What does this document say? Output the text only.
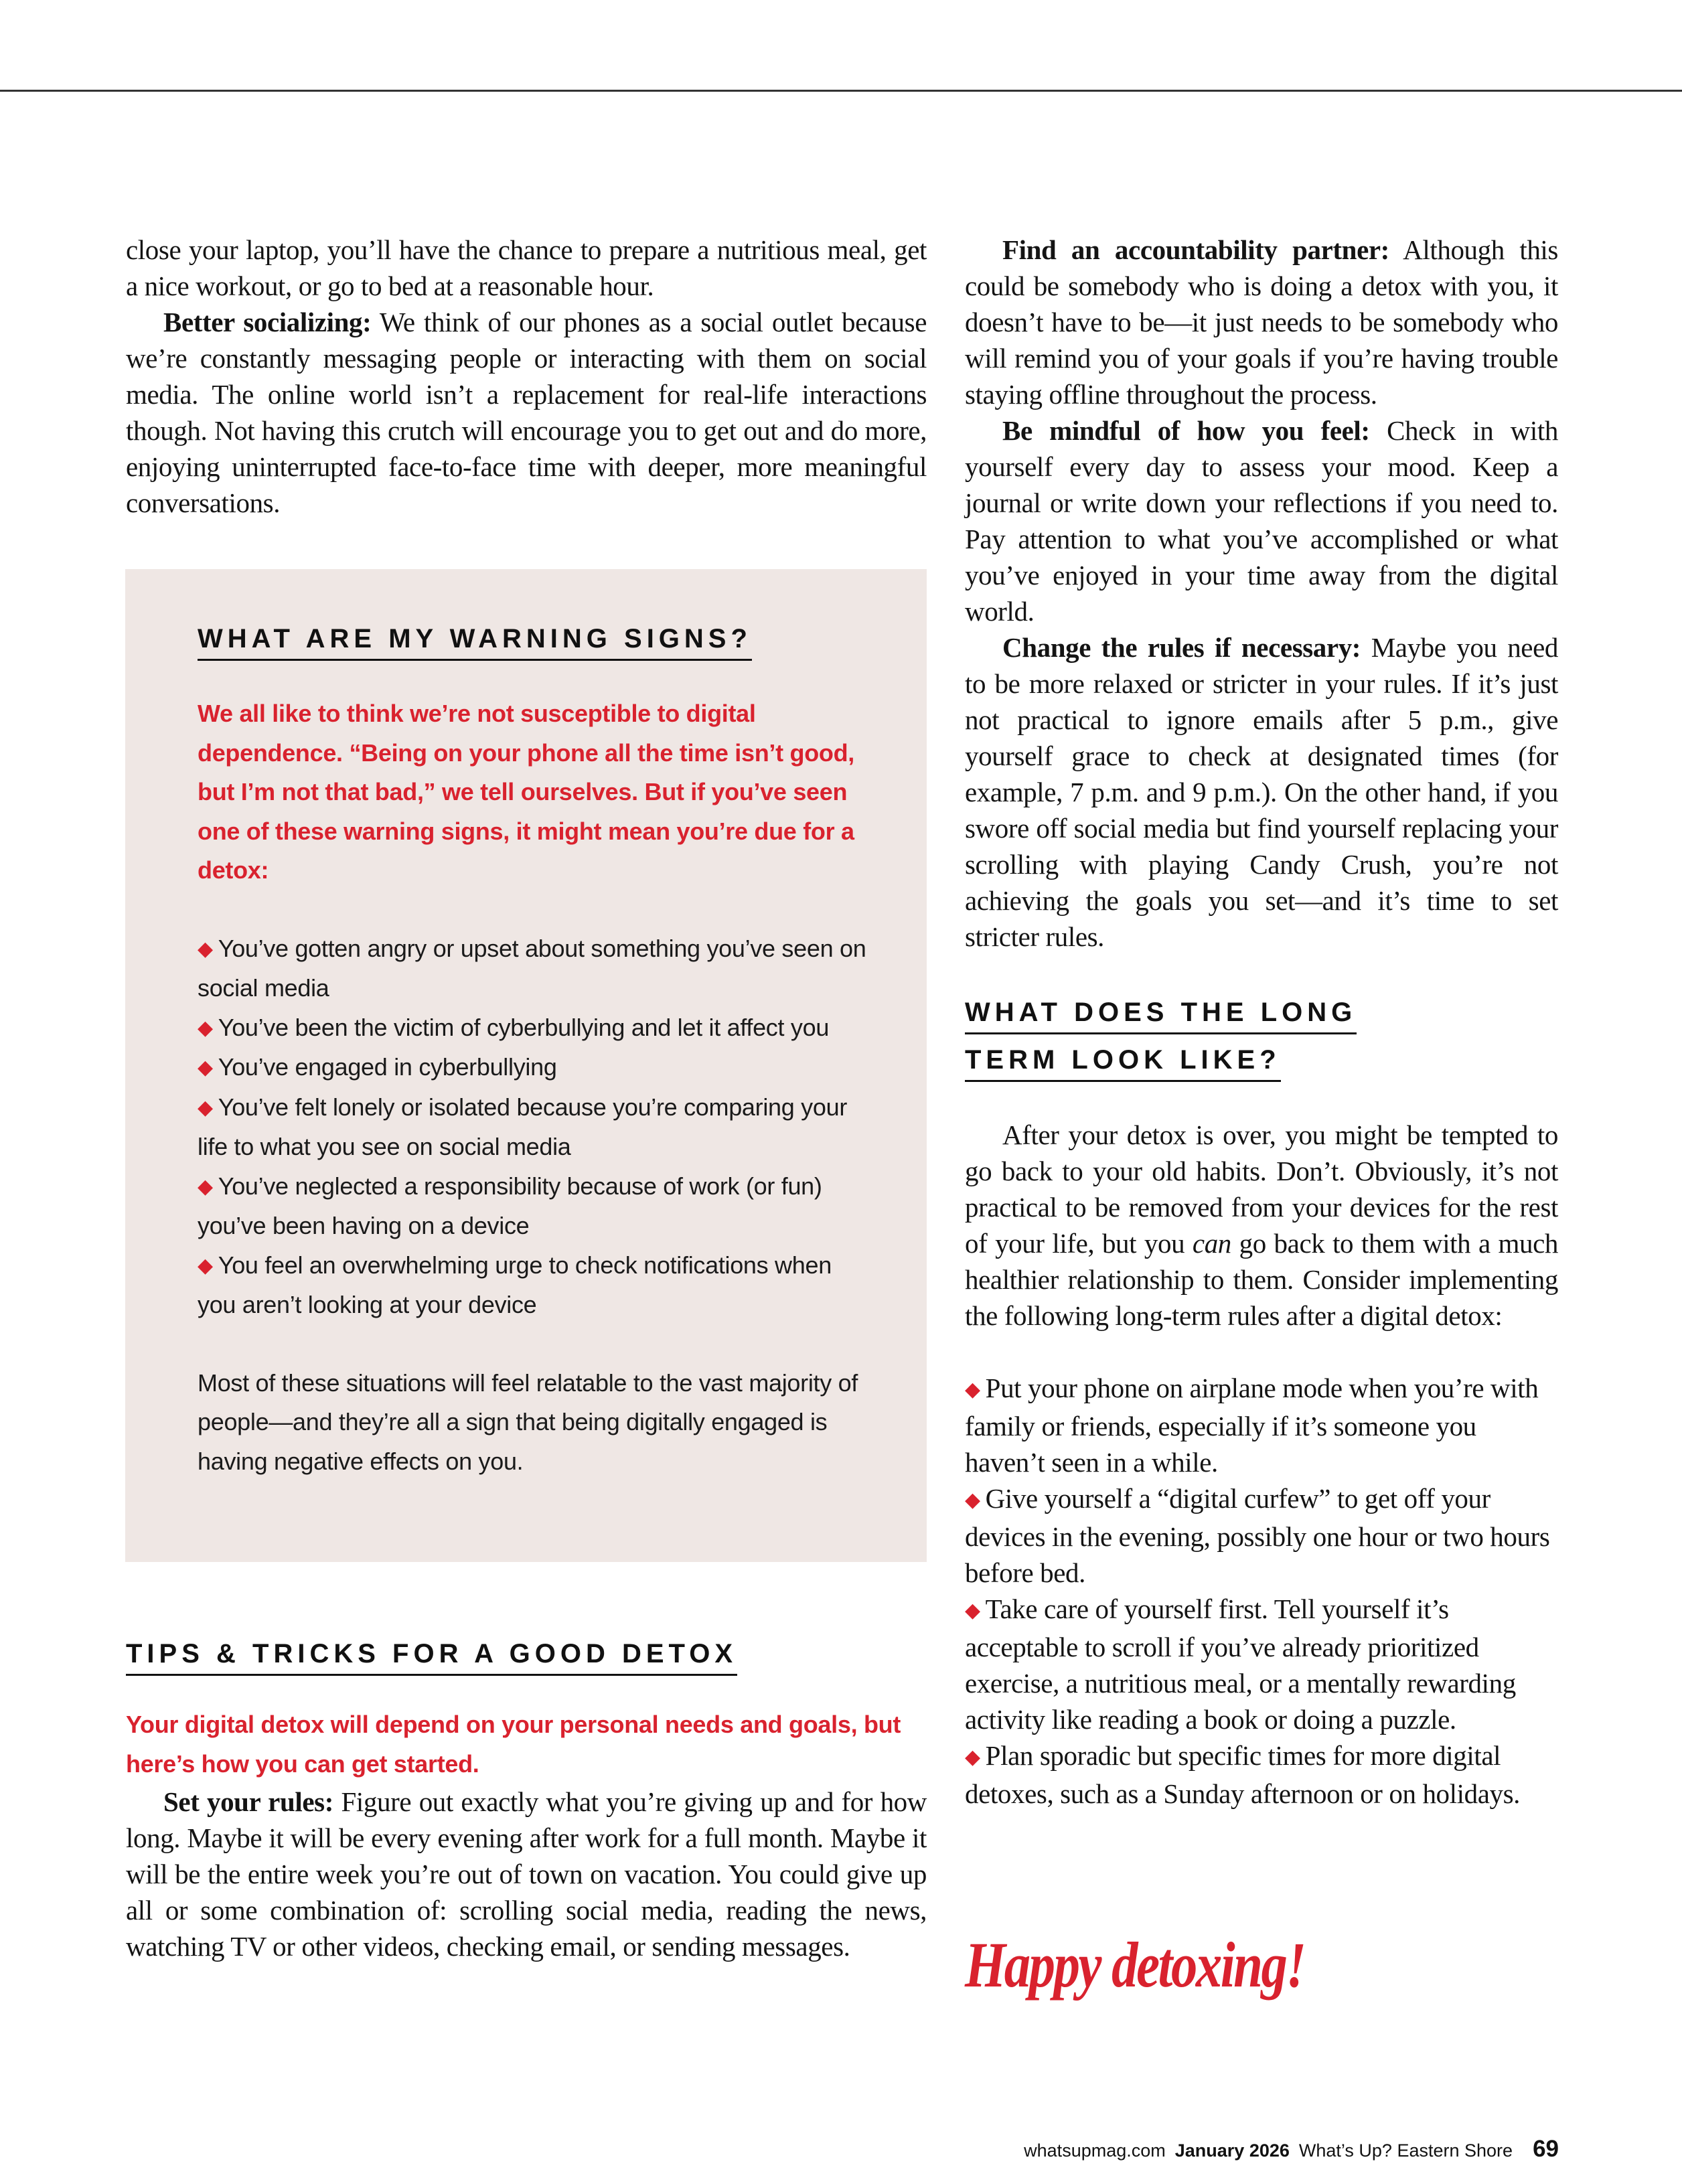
close your laptop, you’ll have the chance to prepare a nutritious meal, get a nice workout, or go to bed at a reasonable hour.

Better socializing: We think of our phones as a social outlet because we’re constantly messaging people or interacting with them on social media. The online world isn’t a replacement for real-life interactions though. Not having this crutch will encourage you to get out and do more, enjoying uninterrupted face-to-face time with deeper, more meaningful conversations.

WHAT ARE MY WARNING SIGNS?

We all like to think we’re not susceptible to digital dependence. “Being on your phone all the time isn’t good, but I’m not that bad,” we tell ourselves. But if you’ve seen one of these warning signs, it might mean you’re due for a detox:

◆ You’ve gotten angry or upset about something you’ve seen on social media
◆ You’ve been the victim of cyberbullying and let it affect you
◆ You’ve engaged in cyberbullying
◆ You’ve felt lonely or isolated because you’re comparing your life to what you see on social media
◆ You’ve neglected a responsibility because of work (or fun) you’ve been having on a device
◆ You feel an overwhelming urge to check notifications when you aren’t looking at your device

Most of these situations will feel relatable to the vast majority of people—and they’re all a sign that being digitally engaged is having negative effects on you.

TIPS & TRICKS FOR A GOOD DETOX

Your digital detox will depend on your personal needs and goals, but here’s how you can get started.

Set your rules: Figure out exactly what you’re giving up and for how long. Maybe it will be every evening after work for a full month. Maybe it will be the entire week you’re out of town on vacation. You could give up all or some combination of: scrolling social media, reading the news, watching TV or other videos, checking email, or sending messages.

Find an accountability partner: Although this could be somebody who is doing a detox with you, it doesn’t have to be—it just needs to be somebody who will remind you of your goals if you’re having trouble staying offline throughout the process.

Be mindful of how you feel: Check in with yourself every day to assess your mood. Keep a journal or write down your reflections if you need to. Pay attention to what you’ve accomplished or what you’ve enjoyed in your time away from the digital world.

Change the rules if necessary: Maybe you need to be more relaxed or stricter in your rules. If it’s just not practical to ignore emails after 5 p.m., give yourself grace to check at designated times (for example, 7 p.m. and 9 p.m.). On the other hand, if you swore off social media but find yourself replacing your scrolling with playing Candy Crush, you’re not achieving the goals you set—and it’s time to set stricter rules.

WHAT DOES THE LONG
TERM LOOK LIKE?

After your detox is over, you might be tempted to go back to your old habits. Don’t. Obviously, it’s not practical to be removed from your devices for the rest of your life, but you can go back to them with a much healthier relationship to them. Consider implementing the following long-term rules after a digital detox:

◆ Put your phone on airplane mode when you’re with family or friends, especially if it’s someone you haven’t seen in a while.
◆ Give yourself a “digital curfew” to get off your devices in the evening, possibly one hour or two hours before bed.
◆ Take care of yourself first. Tell yourself it’s acceptable to scroll if you’ve already prioritized exercise, a nutritious meal, or a mentally rewarding activity like reading a book or doing a puzzle.
◆ Plan sporadic but specific times for more digital detoxes, such as a Sunday afternoon or on holidays.
Happy detoxing!
whatsupmag.com January 2026 What’s Up? Eastern Shore 69
